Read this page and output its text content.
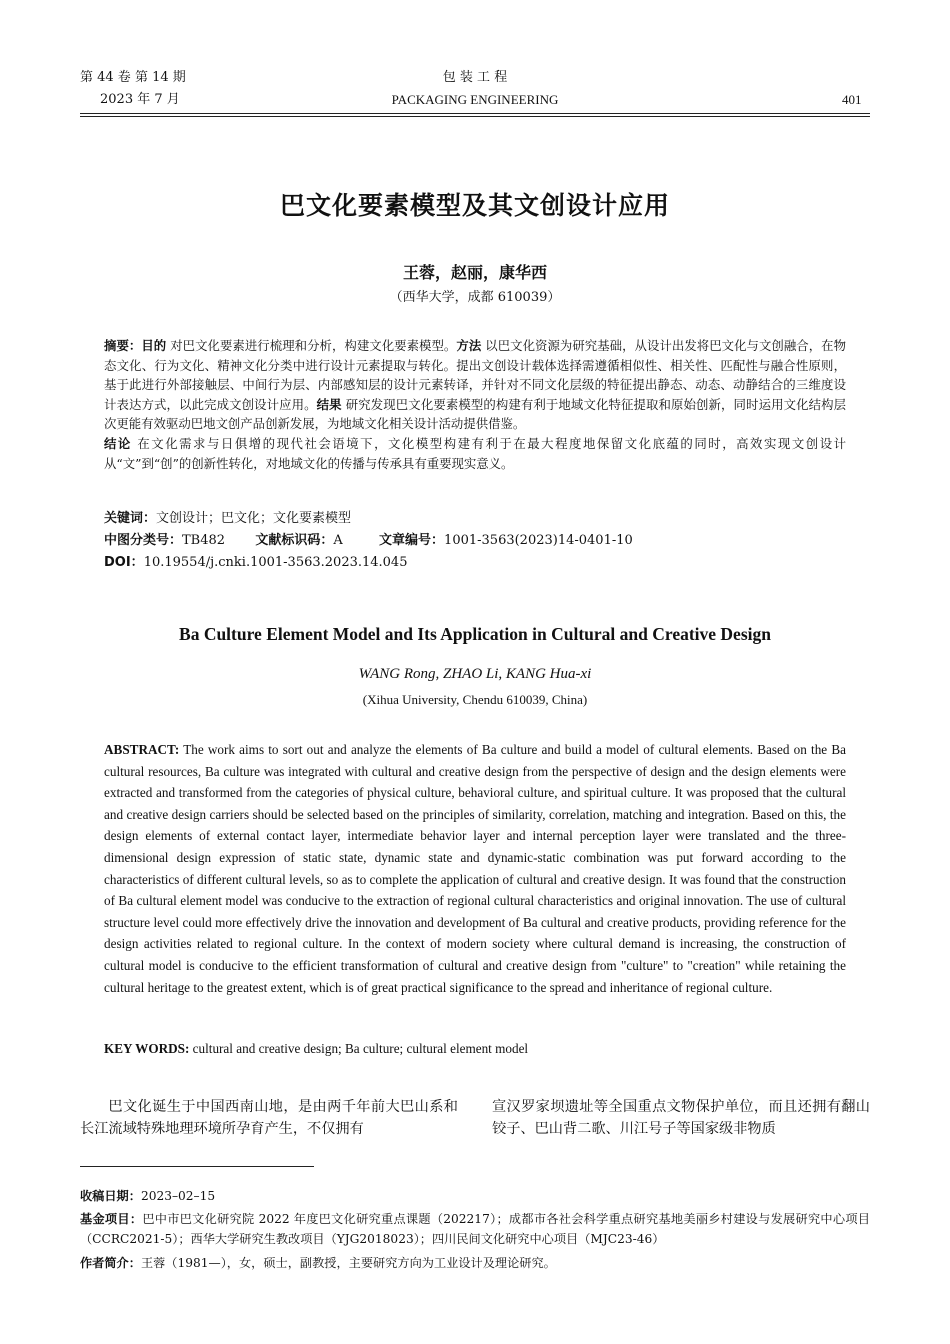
第 44 卷 第 14 期
2023 年 7 月
包 装 工 程
PACKAGING ENGINEERING	401
巴文化要素模型及其文创设计应用
王蓉，赵丽，康华西
（西华大学，成都 610039）
摘要：目的 对巴文化要素进行梳理和分析，构建文化要素模型。方法 以巴文化资源为研究基础，从设计出发将巴文化与文创融合，在物态文化、行为文化、精神文化分类中进行设计元素提取与转化。提出文创设计载体选择需遵循相似性、相关性、匹配性与融合性原则，基于此进行外部接触层、中间行为层、内部感知层的设计元素转译，并针对不同文化层级的特征提出静态、动态、动静结合的三维度设计表达方式，以此完成文创设计应用。结果 研究发现巴文化要素模型的构建有利于地域文化特征提取和原始创新，同时运用文化结构层次更能有效驱动巴地文创产品创新发展，为地域文化相关设计活动提供借鉴。
结论 在文化需求与日俱增的现代社会语境下，文化模型构建有利于在最大程度地保留文化底蕴的同时，高效实现文创设计从“文”到“创”的创新性转化，对地域文化的传播与传承具有重要现实意义。
关键词：文创设计；巴文化；文化要素模型
中图分类号：TB482 文献标识码：A	文章编号：1001-3563(2023)14-0401-10
DOI：10.19554/j.cnki.1001-3563.2023.14.045
Ba Culture Element Model and Its Application in Cultural and Creative Design
WANG Rong, ZHAO Li, KANG Hua-xi
(Xihua University, Chendu 610039, China)
ABSTRACT: The work aims to sort out and analyze the elements of Ba culture and build a model of cultural elements. Based on the Ba cultural resources, Ba culture was integrated with cultural and creative design from the perspective of design and the design elements were extracted and transformed from the categories of physical culture, behavioral culture, and spiritual culture. It was proposed that the cultural and creative design carriers should be selected based on the principles of similarity, correlation, matching and integration. Based on this, the design elements of external contact layer, intermediate behavior layer and internal perception layer were translated and the three-dimensional design expression of static state, dynamic state and dynamic-static combination was put forward according to the characteristics of different cultural levels, so as to complete the application of cultural and creative design. It was found that the construction of Ba cultural element model was conducive to the extraction of regional cultural characteristics and original innovation. The use of cultural structure level could more effectively drive the innovation and development of Ba cultural and creative products, providing reference for the design activities related to regional culture. In the context of modern society where cultural demand is increasing, the construction of cultural model is conducive to the efficient transformation of cultural and creative design from "culture" to "creation" while retaining the cultural heritage to the greatest extent, which is of great practical significance to the spread and inheritance of regional culture.
KEY WORDS: cultural and creative design; Ba culture; cultural element model
巴文化诞生于中国西南山地，是由两千年前大巴山系和长江流域特殊地理环境所孕育产生，不仅拥有
宣汉罗家坝遗址等全国重点文物保护单位，而且还拥有翻山铰子、巴山背二歌、川江号子等国家级非物质
收稿日期：2023–02–15
基金项目：巴中市巴文化研究院 2022 年度巴文化研究重点课题（202217）；成都市各社会科学重点研究基地美丽乡村建设与发展研究中心项目（CCRC2021-5）；西华大学研究生教改项目（YJG2018023）；四川民间文化研究中心项目（MJC23-46）
作者简介：王蓉（1981—），女，硕士，副教授，主要研究方向为工业设计及理论研究。
